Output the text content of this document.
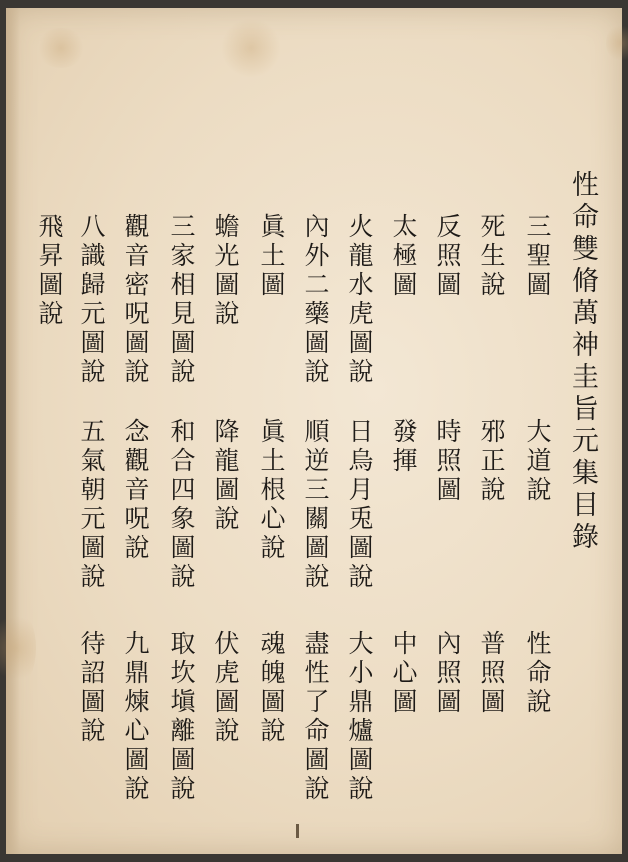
性命雙脩萬神圭旨元集目錄
三聖圖
大道說
性命說
死生說
邪正說
普照圖
反照圖
時照圖
內照圖
太極圖
發揮
中心圖
火龍水虎圖說
日烏月兎圖說
大小鼎爐圖說
內外二藥圖說
順逆三關圖說
盡性了命圖說
眞土圖
眞土根心說
魂魄圖說
蟾光圖說
降龍圖說
伏虎圖說
三家相見圖說
和合四象圖說
取坎塡離圖說
觀音密呪圖說
念觀音呪說
九鼎煉心圖說
八識歸元圖說
五氣朝元圖說
待詔圖說
飛昇圖說
